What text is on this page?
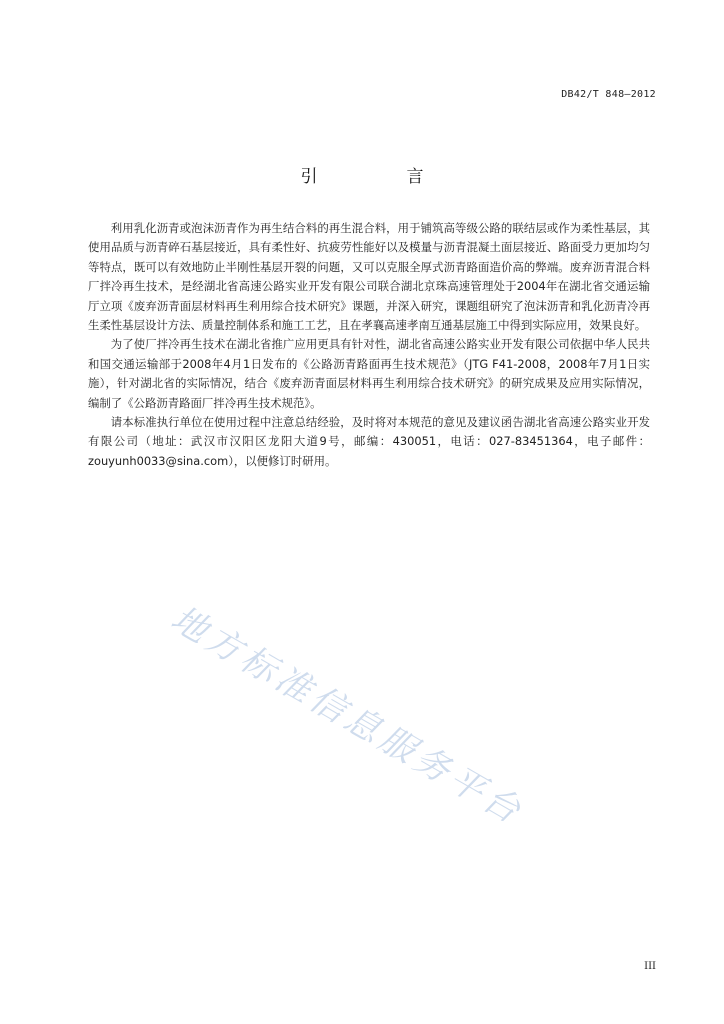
DB42/T 848—2012
引　言

利用乳化沥青或泡沫沥青作为再生结合料的再生混合料，用于铺筑高等级公路的联结层或作为柔性基层，其使用品质与沥青碎石基层接近，具有柔性好、抗疲劳性能好以及模量与沥青混凝土面层接近、路面受力更加均匀等特点，既可以有效地防止半刚性基层开裂的问题，又可以克服全厚式沥青路面造价高的弊端。废弃沥青混合料厂拌冷再生技术，是经湖北省高速公路实业开发有限公司联合湖北京珠高速管理处于2004年在湖北省交通运输厅立项《废弃沥青面层材料再生利用综合技术研究》课题，并深入研究，课题组研究了泡沫沥青和乳化沥青冷再生柔性基层设计方法、质量控制体系和施工工艺，且在孝襄高速孝南互通基层施工中得到实际应用，效果良好。

为了使厂拌冷再生技术在湖北省推广应用更具有针对性，湖北省高速公路实业开发有限公司依据中华人民共和国交通运输部于2008年4月1日发布的《公路沥青路面再生技术规范》（JTG F41-2008，2008年7月1日实施），针对湖北省的实际情况，结合《废弃沥青面层材料再生利用综合技术研究》的研究成果及应用实际情况，编制了《公路沥青路面厂拌冷再生技术规范》。

请本标准执行单位在使用过程中注意总结经验，及时将对本规范的意见及建议函告湖北省高速公路实业开发有限公司（地址：武汉市汉阳区龙阳大道9号，邮编：430051，电话：027-83451364，电子邮件：zouyunh0033@sina.com），以便修订时研用。

地方标准信息服务平台
III
